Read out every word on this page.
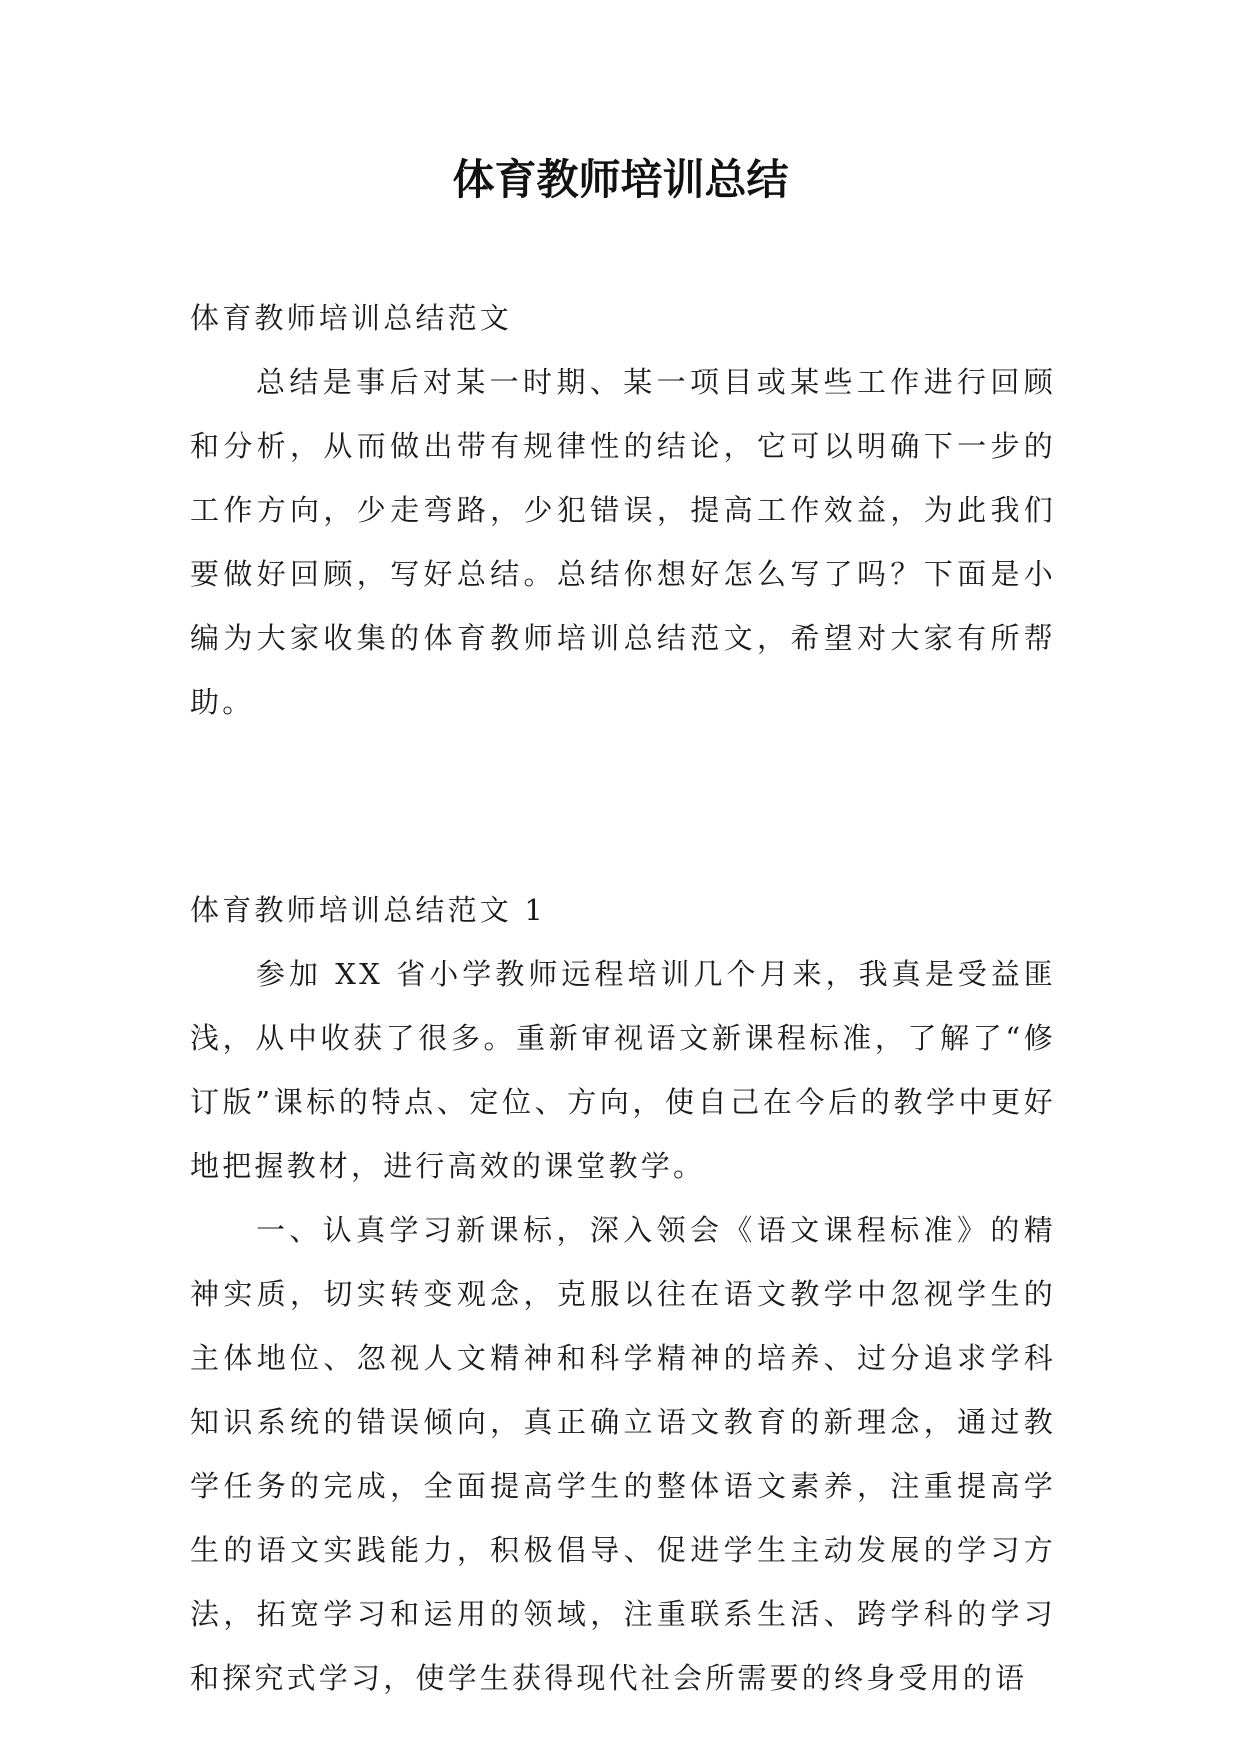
体育教师培训总结

体育教师培训总结范文

总结是事后对某一时期、某一项目或某些工作进行回顾和分析，从而做出带有规律性的结论，它可以明确下一步的工作方向，少走弯路，少犯错误，提高工作效益，为此我们要做好回顾，写好总结。总结你想好怎么写了吗？下面是小编为大家收集的体育教师培训总结范文，希望对大家有所帮助。

体育教师培训总结范文 1

参加 XX 省小学教师远程培训几个月来，我真是受益匪浅，从中收获了很多。重新审视语文新课程标准，了解了“修订版”课标的特点、定位、方向，使自己在今后的教学中更好地把握教材，进行高效的课堂教学。

一、认真学习新课标，深入领会《语文课程标准》的精神实质，切实转变观念，克服以往在语文教学中忽视学生的主体地位、忽视人文精神和科学精神的培养、过分追求学科知识系统的错误倾向，真正确立语文教育的新理念，通过教学任务的完成，全面提高学生的整体语文素养，注重提高学生的语文实践能力，积极倡导、促进学生主动发展的学习方法，拓宽学习和运用的领域，注重联系生活、跨学科的学习和探究式学习，使学生获得现代社会所需要的终身受用的语
